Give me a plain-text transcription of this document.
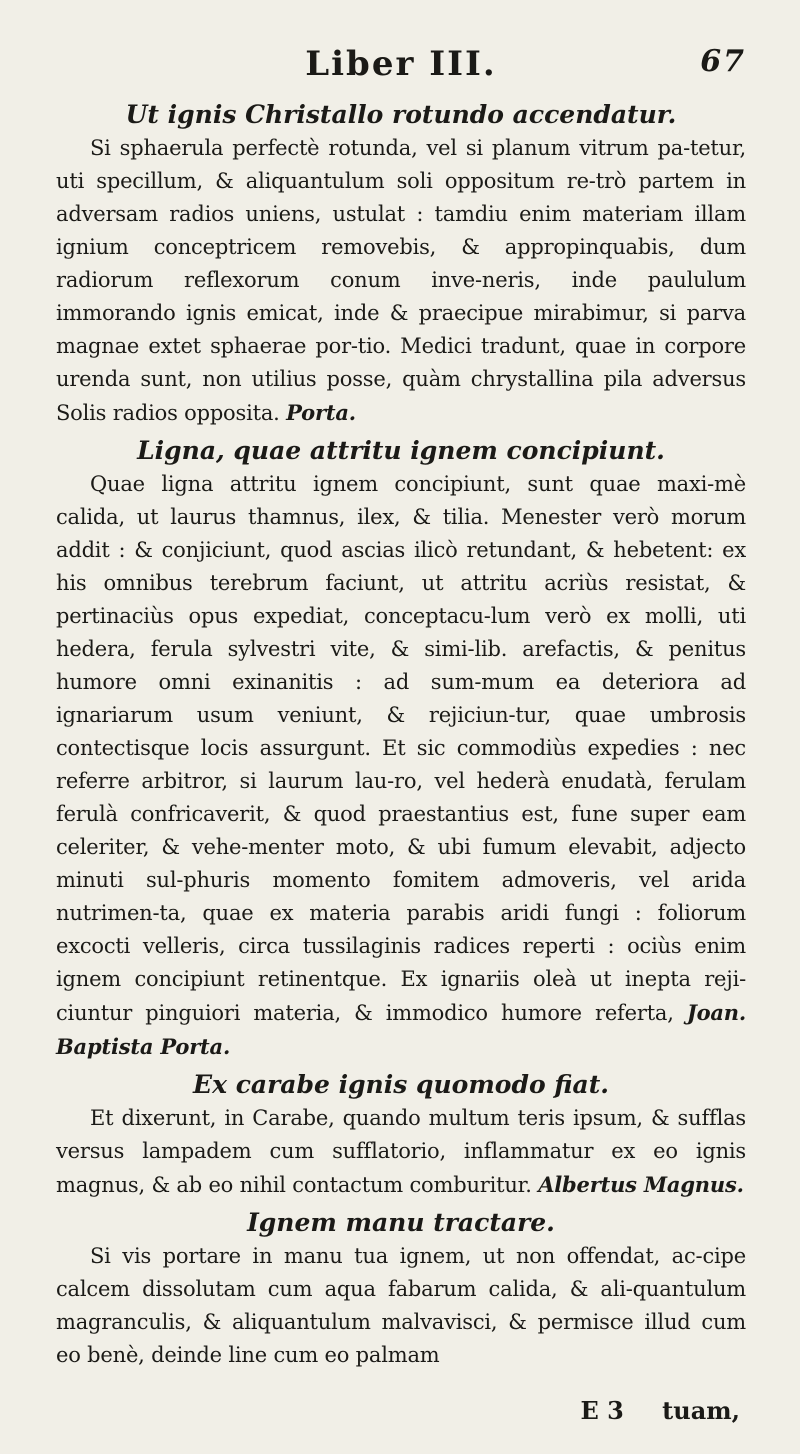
Liber III.	67
Ut ignis Christallo rotundo accendatur.

Si sphaerula perfectè rotunda, vel si planum vitrum pa-tetur, uti specillum, & aliquantulum soli oppositum re-trò partem in adversam radios uniens, ustulat : tamdiu enim materiam illam ignium conceptricem removebis, & appropinquabis, dum radiorum reflexorum conum inve-neris, inde paululum immorando ignis emicat, inde & praecipue mirabimur, si parva magnae extet sphaerae por-tio. Medici tradunt, quae in corpore urenda sunt, non utilius posse, quàm chrystallina pila adversus Solis radios opposita. Porta.

Ligna, quae attritu ignem concipiunt.

Quae ligna attritu ignem concipiunt, sunt quae maxi-mè calida, ut laurus thamnus, ilex, & tilia. Menester verò morum addit : & conjiciunt, quod ascias ilicò retundant, & hebetent: ex his omnibus terebrum faciunt, ut attritu acriùs resistat, & pertinaciùs opus expediat, conceptacu-lum verò ex molli, uti hedera, ferula sylvestri vite, & simi-lib. arefactis, & penitus humore omni exinanitis : ad sum-mum ea deteriora ad ignariarum usum veniunt, & rejiciun-tur, quae umbrosis contectisque locis assurgunt. Et sic commodiùs expedies : nec referre arbitror, si laurum lau-ro, vel hederà enudatà, ferulam ferulà confricaverit, & quod praestantius est, fune super eam celeriter, & vehe-menter moto, & ubi fumum elevabit, adjecto minuti sul-phuris momento fomitem admoveris, vel arida nutrimen-ta, quae ex materia parabis aridi fungi : foliorum excocti velleris, circa tussilaginis radices reperti : ociùs enim ignem concipiunt retinentque. Ex ignariis oleà ut inepta reji-ciuntur pinguiori materia, & immodico humore referta, Joan. Baptista Porta.

Ex carabe ignis quomodo fiat.

Et dixerunt, in Carabe, quando multum teris ipsum, & sufflas versus lampadem cum sufflatorio, inflammatur ex eo ignis magnus, & ab eo nihil contactum comburitur. Albertus Magnus.

Ignem manu tractare.

Si vis portare in manu tua ignem, ut non offendat, ac-cipe calcem dissolutam cum aqua fabarum calida, & ali-quantulum magranculis, & aliquantulum malvavisci, & permisce illud cum eo benè, deinde line cum eo palmam

E 3 tuam,
